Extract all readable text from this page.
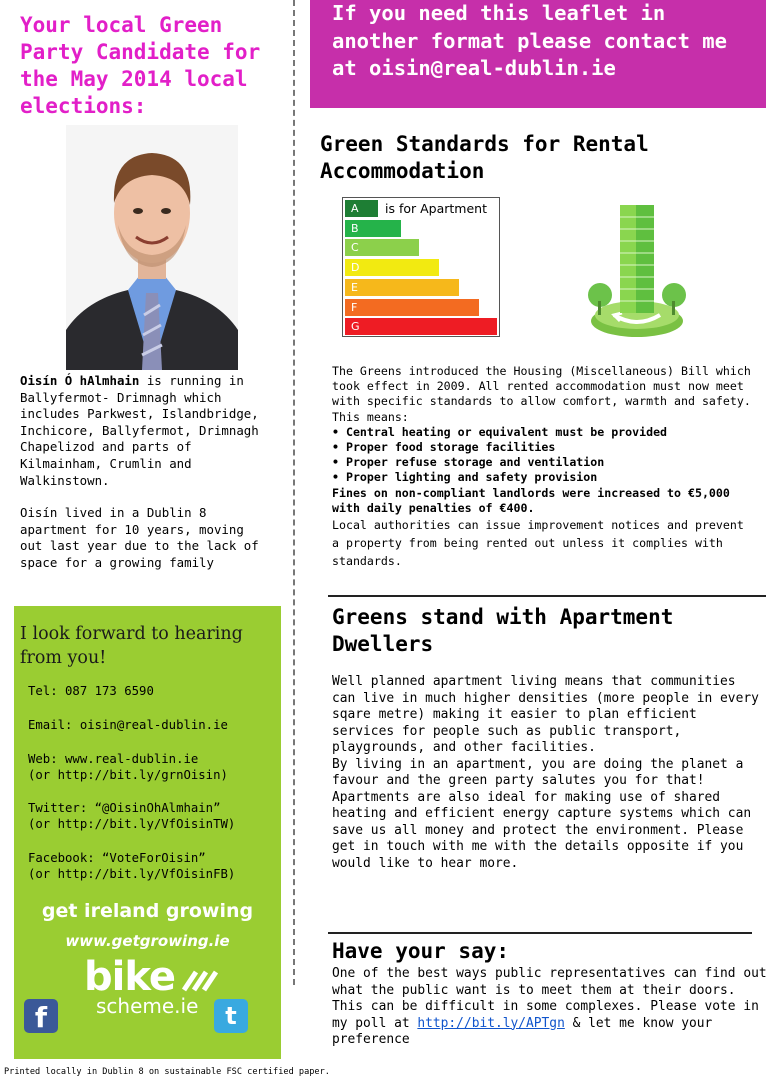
Your local Green Party Candidate for the May 2014 local elections:

Oisín Ó hAlmhain is running in Ballyfermot- Drimnagh which includes Parkwest, Islandbridge, Inchicore, Ballyfermot, Drimnagh Chapelizod and parts of Kilmainham, Crumlin and Walkinstown.

Oisín lived in a Dublin 8 apartment for 10 years, moving out last year due to the lack of space for a growing family

I look forward to hearing from you!
Tel: 087 173 6590
Email: oisin@real-dublin.ie
Web: www.real-dublin.ie
(or http://bit.ly/grnOisin)
Twitter: “@OisinOhAlmhain”
(or http://bit.ly/VfOisinTW)
Facebook: “VoteForOisin”
(or http://bit.ly/VfOisinFB)
get ireland growing
www.getgrowing.ie
bike
scheme.ie
f	t
If you need this leaflet in another format please contact me at oisin@real-dublin.ie
Green Standards for Rental Accommodation
G
F
E
D
C
B
A	is for Apartment
The Greens introduced the Housing (Miscellaneous) Bill which took effect in 2009. All rented accommodation must now meet with specific standards to allow comfort, warmth and safety.
This means:
• Central heating or equivalent must be provided
• Proper food storage facilities
• Proper refuse storage and ventilation
• Proper lighting and safety provision
Fines on non-compliant landlords were increased to €5,000 with daily penalties of €400.
Local authorities can issue improvement notices and prevent a property from being rented out unless it complies with standards.
Greens stand with Apartment Dwellers

Well planned apartment living means that communities can live in much higher densities (more people in every sqare metre) making it easier to plan efficient services for people such as public transport, playgrounds, and other facilities.

By living in an apartment, you are doing the planet a favour and the green party salutes you for that!

Apartments are also ideal for making use of shared heating and efficient energy capture systems which can save us all money and protect the environment. Please get in touch with me with the details opposite if you would like to hear more.

Have your say:
One of the best ways public representatives can find out what the public want is to meet them at their doors. This can be difficult in some complexes. Please vote in my poll at http://bit.ly/APTgn & let me know your preference
Printed locally in Dublin 8 on sustainable FSC certified paper.
